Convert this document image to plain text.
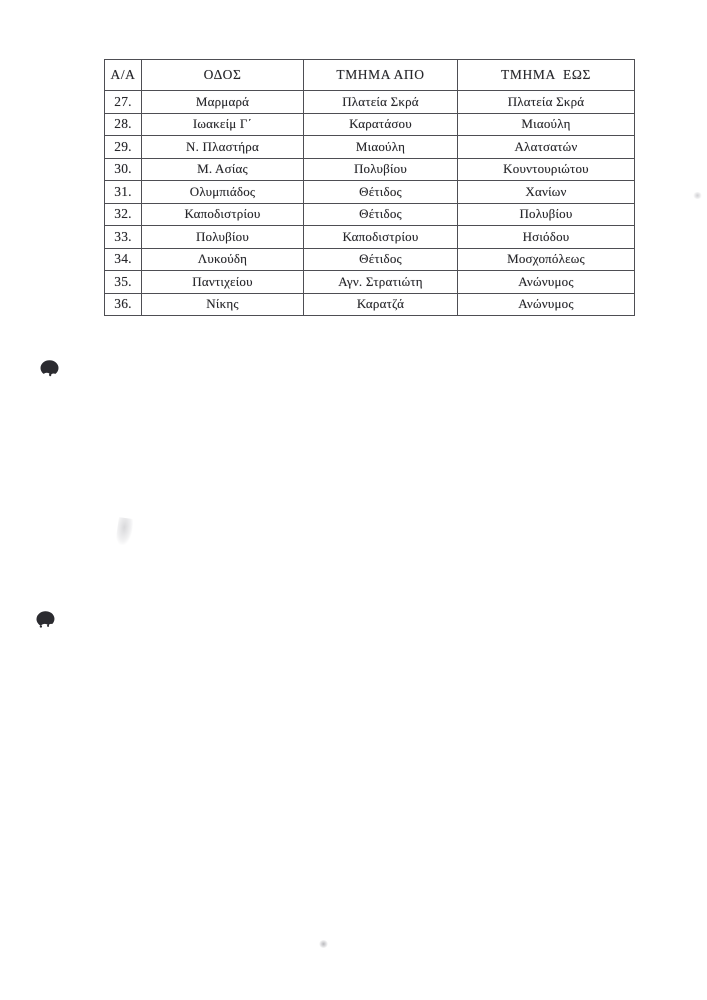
Α/Α	ΟΔΟΣ	ΤΜΗΜΑ ΑΠΟ	ΤΜΗΜΑ  ΕΩΣ
27.	Μαρμαρά	Πλατεία Σκρά	Πλατεία Σκρά
28.	Ιωακείμ Γ΄	Καρατάσου	Μιαούλη
29.	Ν. Πλαστήρα	Μιαούλη	Αλατσατών
30.	Μ. Ασίας	Πολυβίου	Κουντουριώτου
31.	Ολυμπιάδος	Θέτιδος	Χανίων
32.	Καποδιστρίου	Θέτιδος	Πολυβίου
33.	Πολυβίου	Καποδιστρίου	Ησιόδου
34.	Λυκούδη	Θέτιδος	Μοσχοπόλεως
35.	Παντιχείου	Αγν. Στρατιώτη	Ανώνυμος
36.	Νίκης	Καρατζά	Ανώνυμος
